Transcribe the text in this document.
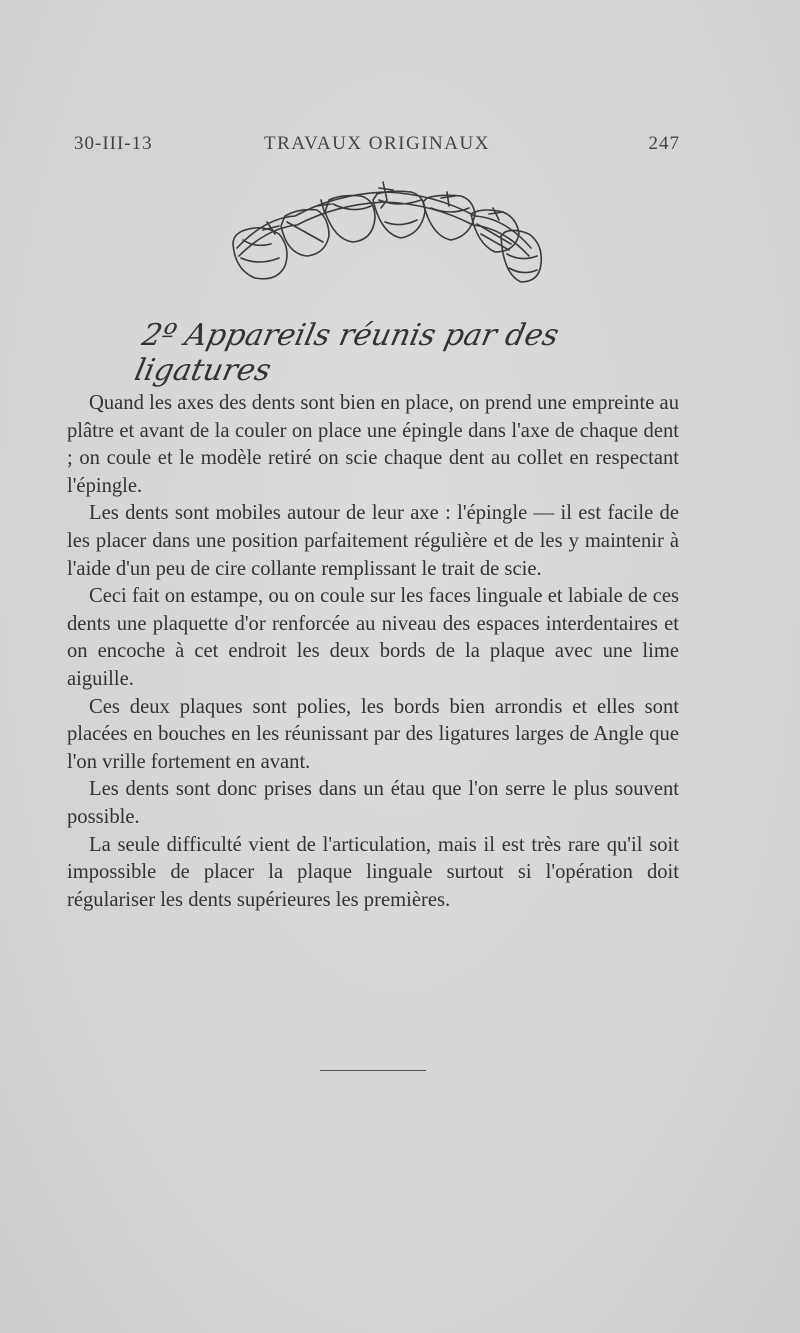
30-III-13	TRAVAUX ORIGINAUX	247
2º Appareils réunis par des ligatures

Quand les axes des dents sont bien en place, on prend une empreinte au plâtre et avant de la couler on place une épingle dans l'axe de chaque dent ; on coule et le modèle retiré on scie chaque dent au collet en respectant l'épingle.

Les dents sont mobiles autour de leur axe : l'épingle — il est facile de les placer dans une position parfaitement régulière et de les y maintenir à l'aide d'un peu de cire collante remplissant le trait de scie.

Ceci fait on estampe, ou on coule sur les faces linguale et labiale de ces dents une plaquette d'or renforcée au niveau des espaces interdentaires et on encoche à cet endroit les deux bords de la plaque avec une lime aiguille.

Ces deux plaques sont polies, les bords bien arrondis et elles sont placées en bouches en les réunissant par des ligatures larges de Angle que l'on vrille fortement en avant.

Les dents sont donc prises dans un étau que l'on serre le plus souvent possible.

La seule difficulté vient de l'articulation, mais il est très rare qu'il soit impossible de placer la plaque linguale surtout si l'opération doit régulariser les dents supérieures les premières.
